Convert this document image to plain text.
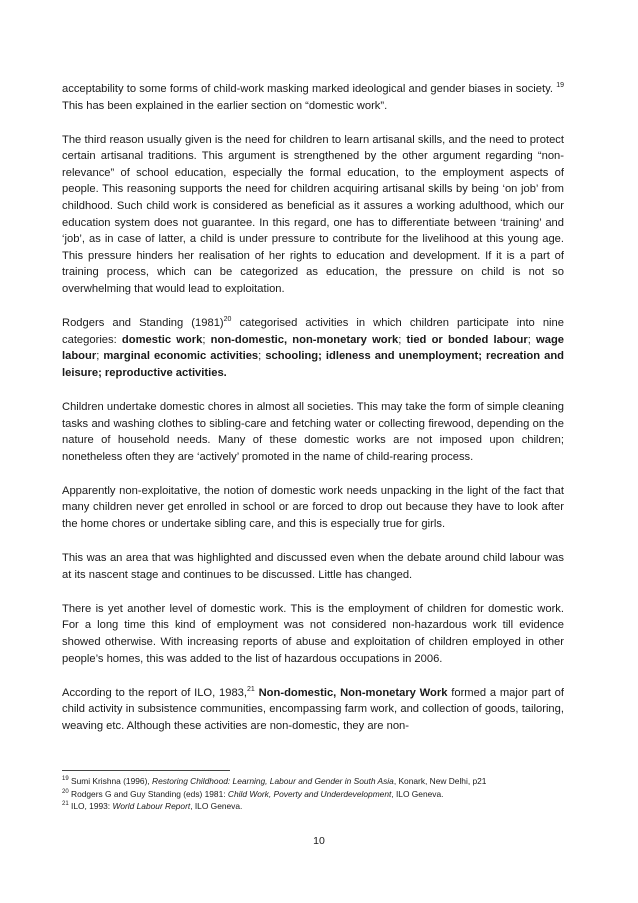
acceptability to some forms of child-work masking marked ideological and gender biases in society. $^{19}$ This has been explained in the earlier section on “domestic work”.

The third reason usually given is the need for children to learn artisanal skills, and the need to protect certain artisanal traditions. This argument is strengthened by the other argument regarding “non-relevance” of school education, especially the formal education, to the employment aspects of people. This reasoning supports the need for children acquiring artisanal skills by being ‘on job’ from childhood. Such child work is considered as beneficial as it assures a working adulthood, which our education system does not guarantee. In this regard, one has to differentiate between ‘training’ and ‘job’, as in case of latter, a child is under pressure to contribute for the livelihood at this young age. This pressure hinders her realisation of her rights to education and development. If it is a part of training process, which can be categorized as education, the pressure on child is not so overwhelming that would lead to exploitation.

Rodgers and Standing $(1981)^{20}$ categorised activities in which children participate into nine categories: domestic work; non-domestic, non-monetary work; tied or bonded labour; wage labour; marginal economic activities; schooling; idleness and unemployment; recreation and leisure; reproductive activities.

Children undertake domestic chores in almost all societies. This may take the form of simple cleaning tasks and washing clothes to sibling-care and fetching water or collecting firewood, depending on the nature of household needs. Many of these domestic works are not imposed upon children; nonetheless often they are ‘actively’ promoted in the name of child-rearing process.

Apparently non-exploitative, the notion of domestic work needs unpacking in the light of the fact that many children never get enrolled in school or are forced to drop out because they have to look after the home chores or undertake sibling care, and this is especially true for girls.

This was an area that was highlighted and discussed even when the debate around child labour was at its nascent stage and continues to be discussed. Little has changed.

There is yet another level of domestic work. This is the employment of children for domestic work. For a long time this kind of employment was not considered non-hazardous work till evidence showed otherwise. With increasing reports of abuse and exploitation of children employed in other people’s homes, this was added to the list of hazardous occupations in 2006.

According to the report of ILO, 1983,21 Non-domestic, Non-monetary Work formed a major part of child activity in subsistence communities, encompassing farm work, and collection of goods, tailoring, weaving etc. Although these activities are non-domestic, they are non-

$^{19}$ Sumi Krishna (1996), Restoring Childhood: Learning, Labour and Gender in South Asia, Konark, New Delhi, p21

$^{20}$ Rodgers G and Guy Standing (eds) 1981: Child Work, Poverty and Underdevelopment, ILO Geneva.

$^{21}$ ILO, 1993: World Labour Report, ILO Geneva.

10
